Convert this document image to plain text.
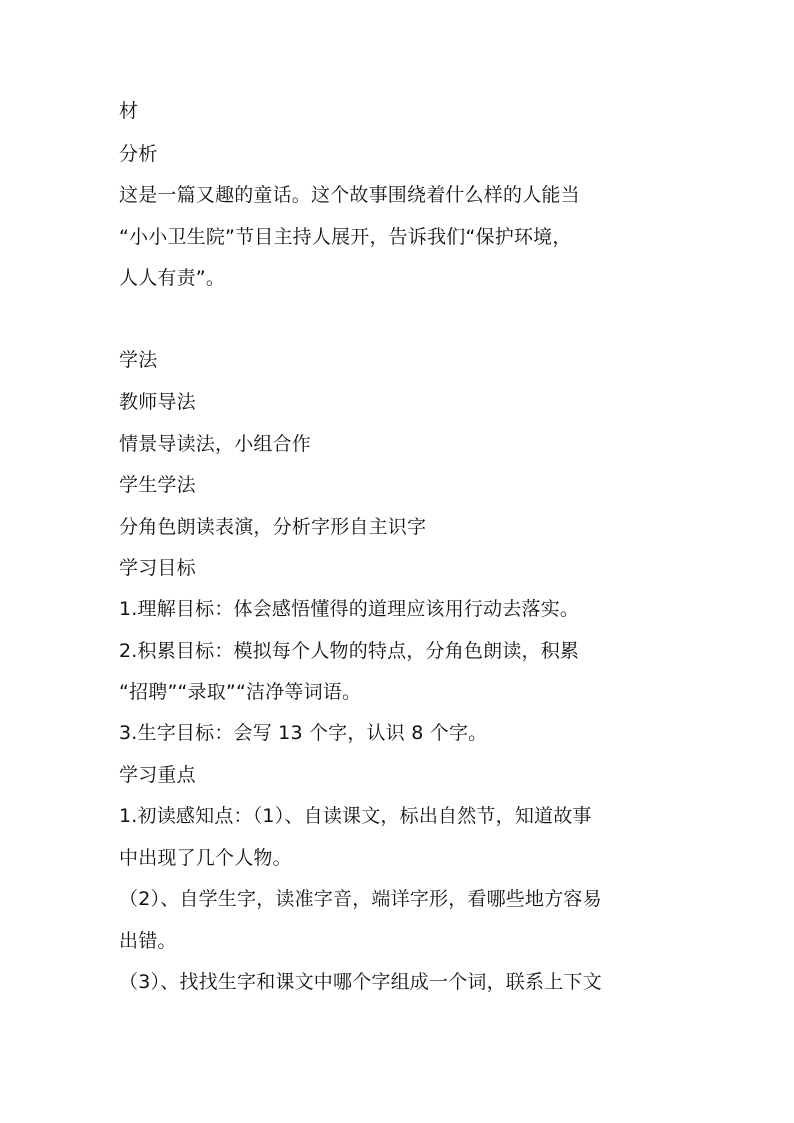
材
分析
这是一篇又趣的童话。这个故事围绕着什么样的人能当
“小小卫生院”节目主持人展开，告诉我们“保护环境，
人人有责”。
学法
教师导法
情景导读法，小组合作
学生学法
分角色朗读表演，分析字形自主识字
学习目标
1.理解目标：体会感悟懂得的道理应该用行动去落实。
2.积累目标：模拟每个人物的特点，分角色朗读，积累
“招聘”“录取”“洁净等词语。
3.生字目标：会写 13 个字，认识 8 个字。
学习重点
1.初读感知点：（1）、自读课文，标出自然节，知道故事
中出现了几个人物。
（2）、自学生字，读准字音，端详字形，看哪些地方容易
出错。
（3）、找找生字和课文中哪个字组成一个词，联系上下文
